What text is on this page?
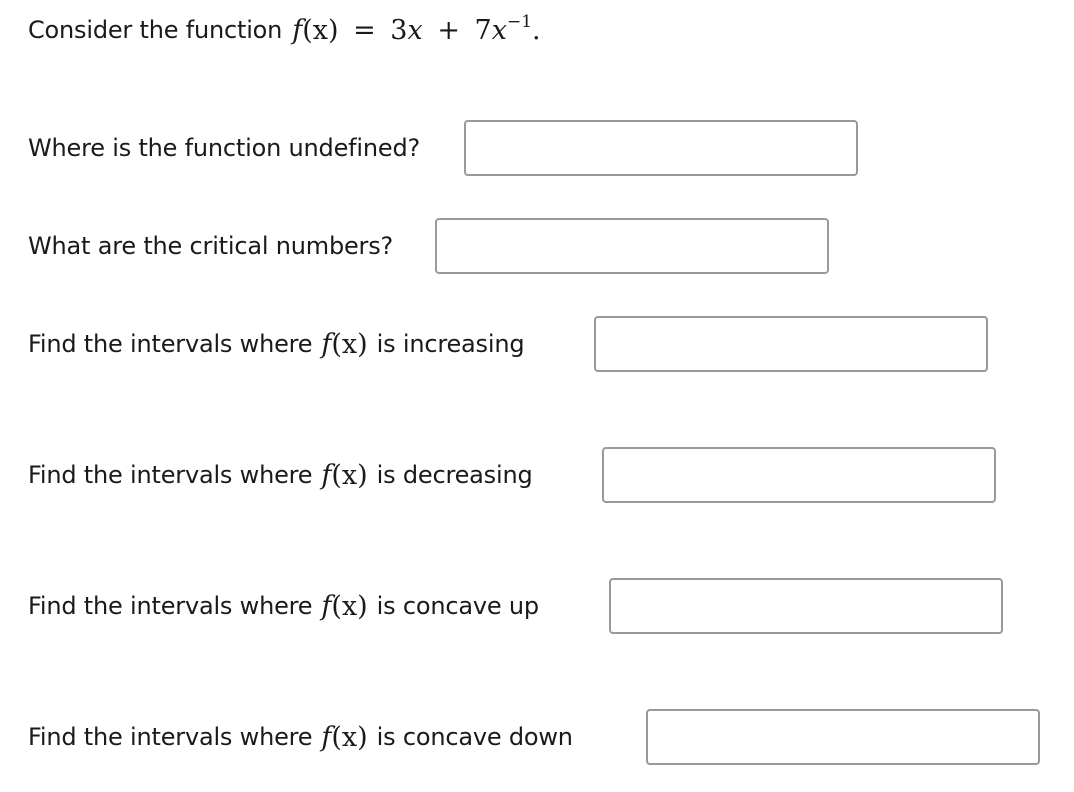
Consider the function $f(x) = 3x + 7x^{-1}$.
Where is the function undefined?
What are the critical numbers?
Find the intervals where f(x) is increasing
Find the intervals where f(x) is decreasing
Find the intervals where f(x) is concave up
Find the intervals where f(x) is concave down
